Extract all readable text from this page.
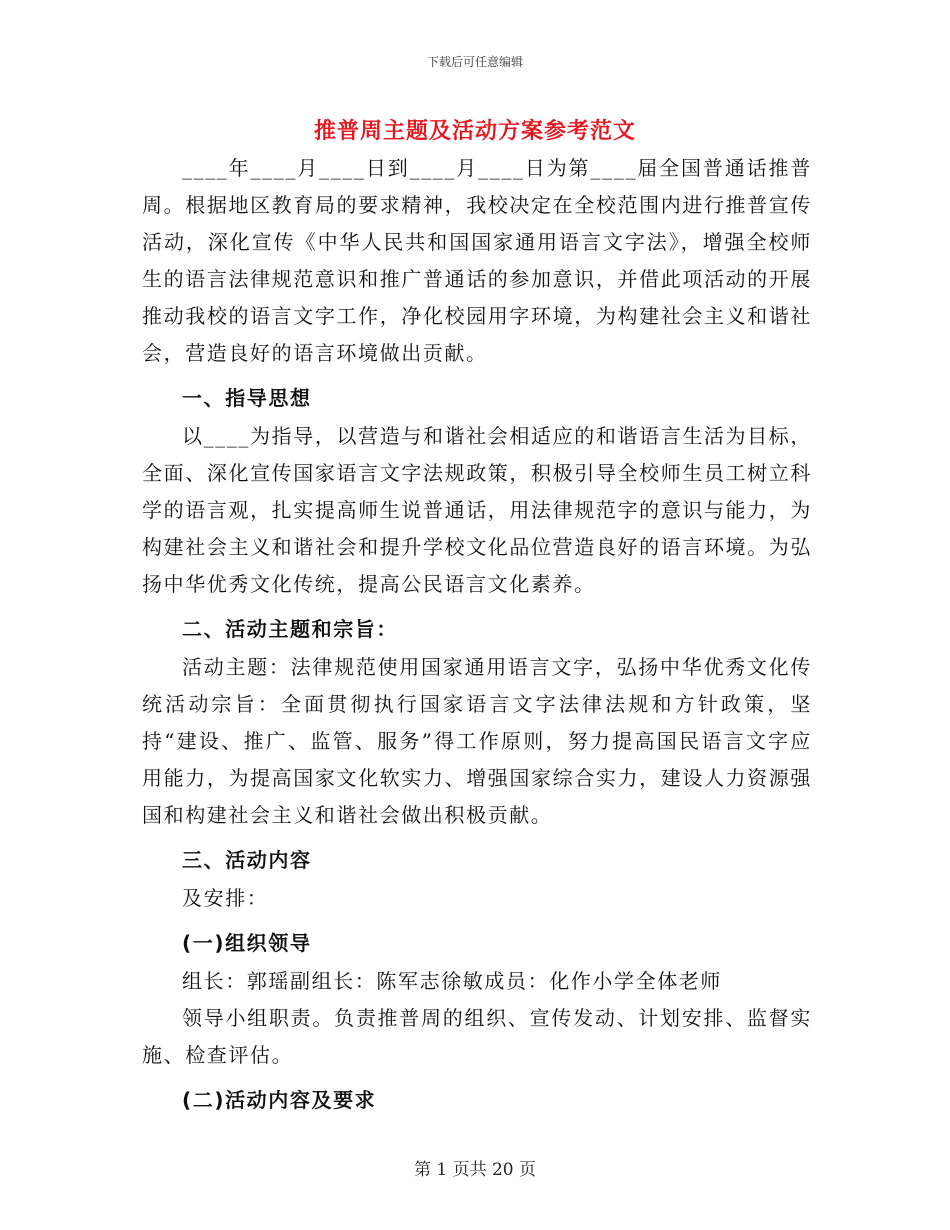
下载后可任意编辑
推普周主题及活动方案参考范文

____年____月____日到____月____日为第____届全国普通话推普周。根据地区教育局的要求精神，我校决定在全校范围内进行推普宣传活动，深化宣传《中华人民共和国国家通用语言文字法》，增强全校师生的语言法律规范意识和推广普通话的参加意识，并借此项活动的开展推动我校的语言文字工作，净化校园用字环境，为构建社会主义和谐社会，营造良好的语言环境做出贡献。

一、指导思想

以____为指导，以营造与和谐社会相适应的和谐语言生活为目标，全面、深化宣传国家语言文字法规政策，积极引导全校师生员工树立科学的语言观，扎实提高师生说普通话，用法律规范字的意识与能力，为构建社会主义和谐社会和提升学校文化品位营造良好的语言环境。为弘扬中华优秀文化传统，提高公民语言文化素养。

二、活动主题和宗旨：

活动主题：法律规范使用国家通用语言文字，弘扬中华优秀文化传统活动宗旨：全面贯彻执行国家语言文字法律法规和方针政策，坚持“建设、推广、监管、服务”得工作原则，努力提高国民语言文字应用能力，为提高国家文化软实力、增强国家综合实力，建设人力资源强国和构建社会主义和谐社会做出积极贡献。

三、活动内容

及安排：

(一)组织领导

组长：郭瑶副组长：陈军志徐敏成员：化作小学全体老师

领导小组职责。负责推普周的组织、宣传发动、计划安排、监督实施、检查评估。

(二)活动内容及要求
第 1 页共 20 页
